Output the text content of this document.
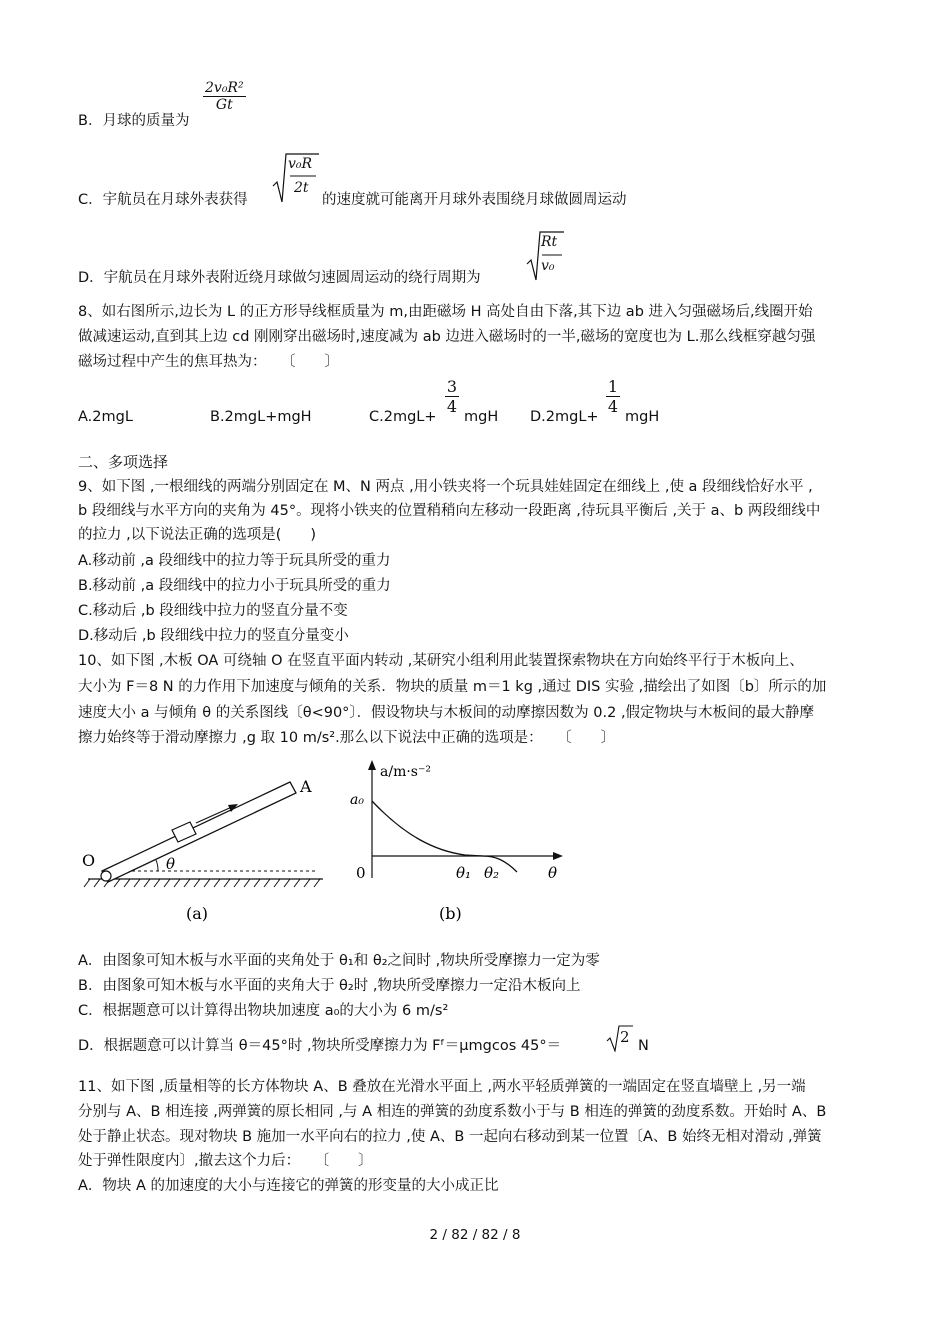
B．月球的质量为
2v₀R²
Gt
C．宇航员在月球外表获得
v₀R
2t
的速度就可能离开月球外表围绕月球做圆周运动
D．宇航员在月球外表附近绕月球做匀速圆周运动的绕行周期为
Rt
v₀
8、如右图所示,边长为 L 的正方形导线框质量为 m,由距磁场 H 高处自由下落,其下边 ab 进入匀强磁场后,线圈开始
做减速运动,直到其上边 cd 刚刚穿出磁场时,速度减为 ab 边进入磁场时的一半,磁场的宽度也为 L.那么线框穿越匀强
磁场过程中产生的焦耳热为：　　〔　　〕
A.2mgL	B.2mgL+mgH	C.2mgL+
3
4
mgH D.2mgL+
1
4
mgH
二、多项选择
9、如下图 ,一根细线的两端分别固定在 M、N 两点 ,用小铁夹将一个玩具娃娃固定在细线上 ,使 a 段细线恰好水平 ,
b 段细线与水平方向的夹角为 45°。现将小铁夹的位置稍稍向左移动一段距离 ,待玩具平衡后 ,关于 a、b 两段细线中
的拉力 ,以下说法正确的选项是(　　)
A.移动前 ,a 段细线中的拉力等于玩具所受的重力
B.移动前 ,a 段细线中的拉力小于玩具所受的重力
C.移动后 ,b 段细线中拉力的竖直分量不变
D.移动后 ,b 段细线中拉力的竖直分量变小
10、如下图 ,木板 OA 可绕轴 O 在竖直平面内转动 ,某研究小组利用此装置探索物块在方向始终平行于木板向上、
大小为 F＝8 N 的力作用下加速度与倾角的关系．物块的质量 m＝1 kg ,通过 DIS 实验 ,描绘出了如图〔b〕所示的加
速度大小 a 与倾角 θ 的关系图线〔θ<90°〕．假设物块与木板间的动摩擦因数为 0.2 ,假定物块与木板间的最大静摩
擦力始终等于滑动摩擦力 ,g 取 10 m/s².那么以下说法中正确的选项是：　　〔　　〕
O
A
θ
(a)
a/m·s⁻²
a₀
0	θ₁ θ₂	θ
(b)
A．由图象可知木板与水平面的夹角处于 θ₁和 θ₂之间时 ,物块所受摩擦力一定为零
B．由图象可知木板与水平面的夹角大于 θ₂时 ,物块所受摩擦力一定沿木板向上
C．根据题意可以计算得出物块加速度 a₀的大小为 6 m/s²
D．根据题意可以计算当 θ＝45°时 ,物块所受摩擦力为 Fᶠ＝μmgcos 45°＝	2 N
11、如下图 ,质量相等的长方体物块 A、B 叠放在光滑水平面上 ,两水平轻质弹簧的一端固定在竖直墙壁上 ,另一端
分别与 A、B 相连接 ,两弹簧的原长相同 ,与 A 相连的弹簧的劲度系数小于与 B 相连的弹簧的劲度系数。开始时 A、B
处于静止状态。现对物块 B 施加一水平向右的拉力 ,使 A、B 一起向右移动到某一位置〔A、B 始终无相对滑动 ,弹簧
处于弹性限度内〕,撤去这个力后：　　〔　　〕
A．物块 A 的加速度的大小与连接它的弹簧的形变量的大小成正比
2 / 82 / 82 / 8
